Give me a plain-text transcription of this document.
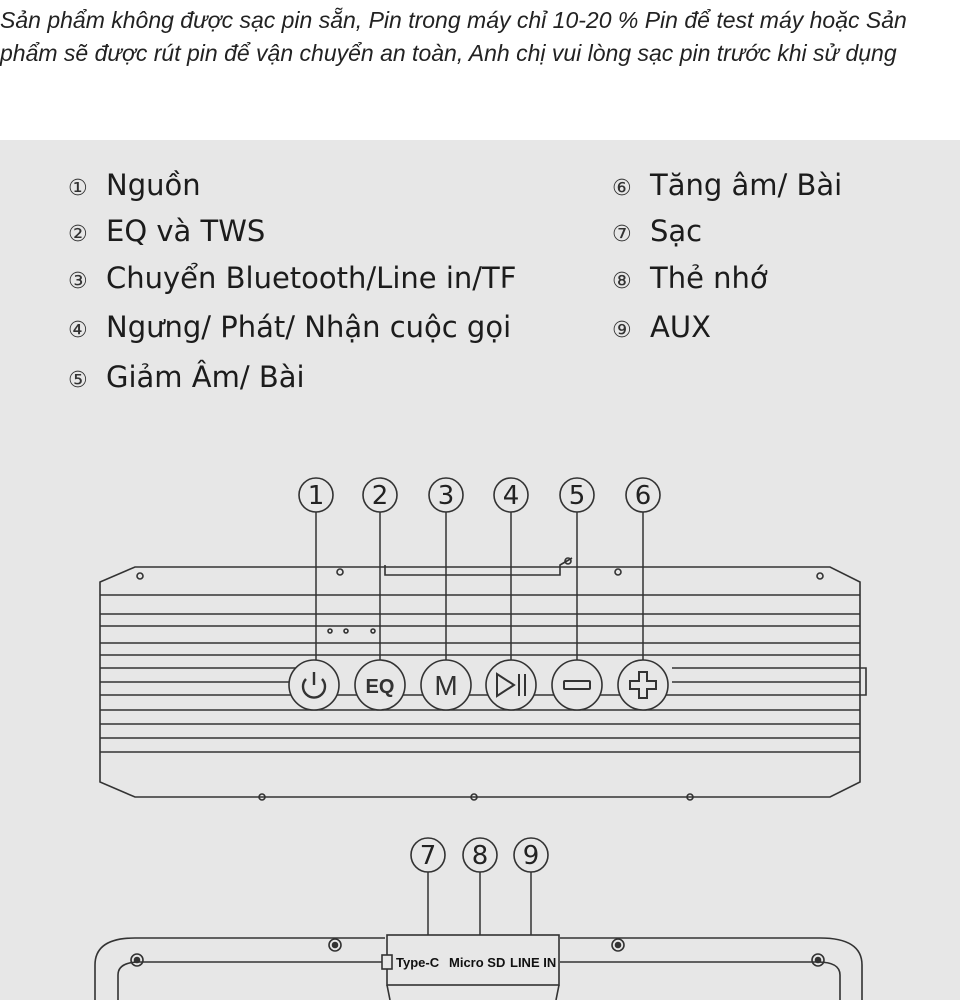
Sản phẩm không được sạc pin sẵn, Pin trong máy chỉ 10-20 % Pin để test máy hoặc Sản phẩm sẽ được rút pin để vận chuyển an toàn, Anh chị vui lòng sạc pin trước khi sử dụng

① Nguồn
② EQ và TWS
③ Chuyển Bluetooth/Line in/TF
④ Ngưng/ Phát/ Nhận cuộc gọi
⑤ Giảm Âm/ Bài
⑥ Tăng âm/ Bài
⑦ Sạc
⑧ Thẻ nhớ
⑨ AUX
1 2 3 4 5 6
EQ M
7 8 9
Type-C Micro SD LINE IN
